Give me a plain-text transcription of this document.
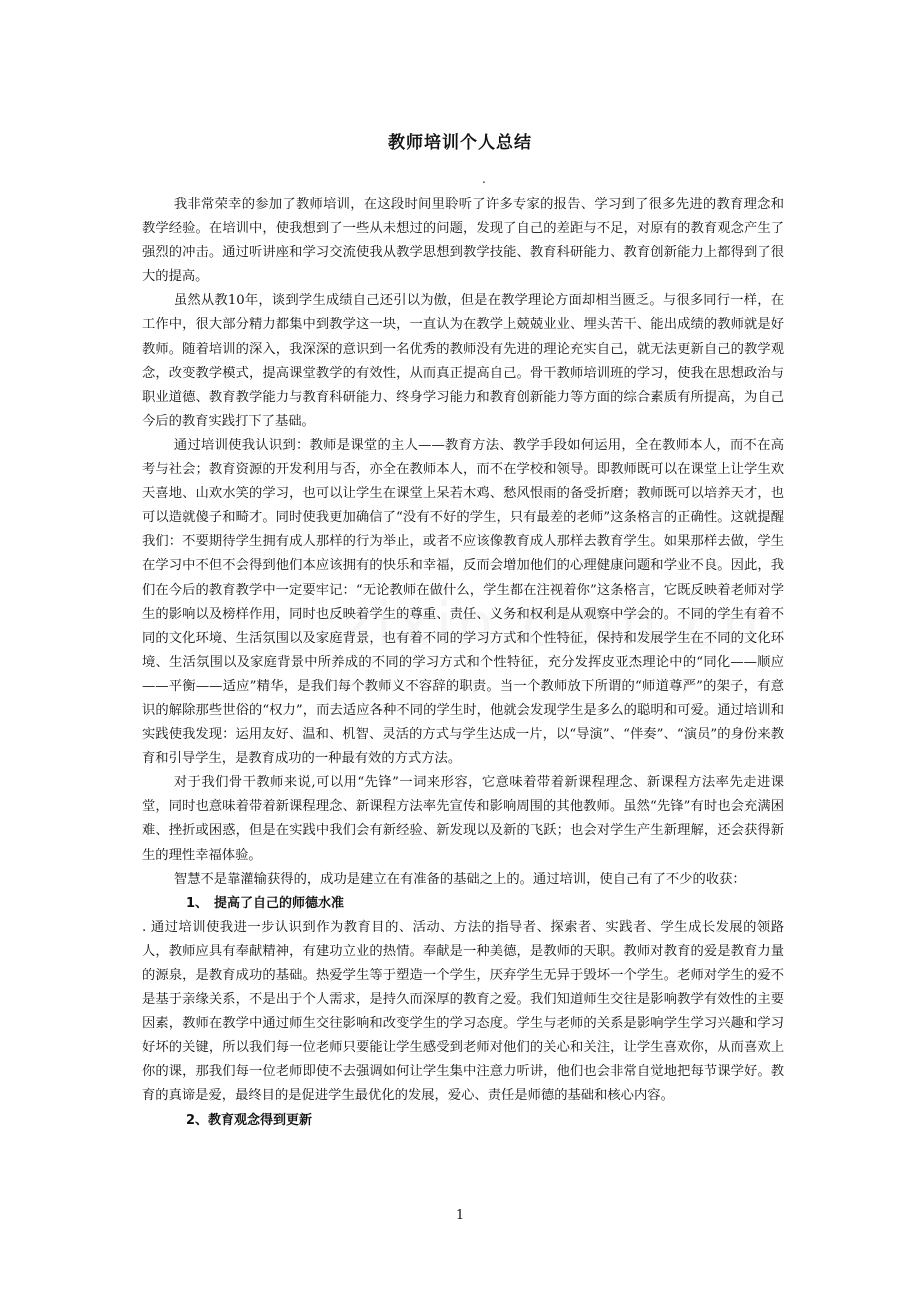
教师培训个人总结
.

我非常荣幸的参加了教师培训，在这段时间里聆听了许多专家的报告、学习到了很多先进的教育理念和教学经验。在培训中，使我想到了一些从未想过的问题，发现了自己的差距与不足，对原有的教育观念产生了强烈的冲击。通过听讲座和学习交流使我从教学思想到教学技能、教育科研能力、教育创新能力上都得到了很大的提高。

虽然从教10年，谈到学生成绩自己还引以为傲，但是在教学理论方面却相当匮乏。与很多同行一样，在工作中，很大部分精力都集中到教学这一块，一直认为在教学上兢兢业业、埋头苦干、能出成绩的教师就是好教师。随着培训的深入，我深深的意识到一名优秀的教师没有先进的理论充实自己，就无法更新自己的教学观念，改变教学模式，提高课堂教学的有效性，从而真正提高自己。骨干教师培训班的学习，使我在思想政治与职业道德、教育教学能力与教育科研能力、终身学习能力和教育创新能力等方面的综合素质有所提高，为自己今后的教育实践打下了基础。

通过培训使我认识到：教师是课堂的主人——教育方法、教学手段如何运用，全在教师本人，而不在高考与社会；教育资源的开发利用与否，亦全在教师本人，而不在学校和领导。即教师既可以在课堂上让学生欢天喜地、山欢水笑的学习，也可以让学生在课堂上呆若木鸡、愁风恨雨的备受折磨；教师既可以培养天才，也可以造就傻子和畸才。同时使我更加确信了“没有不好的学生，只有最差的老师”这条格言的正确性。这就提醒我们：不要期待学生拥有成人那样的行为举止，或者不应该像教育成人那样去教育学生。如果那样去做，学生在学习中不但不会得到他们本应该拥有的快乐和幸福，反而会增加他们的心理健康问题和学业不良。因此，我们在今后的教育教学中一定要牢记：“无论教师在做什么，学生都在注视着你”这条格言，它既反映着老师对学生的影响以及榜样作用，同时也反映着学生的尊重、责任、义务和权利是从观察中学会的。不同的学生有着不同的文化环境、生活氛围以及家庭背景，也有着不同的学习方式和个性特征，保持和发展学生在不同的文化环境、生活氛围以及家庭背景中所养成的不同的学习方式和个性特征，充分发挥皮亚杰理论中的“同化——顺应——平衡——适应”精华，是我们每个教师义不容辞的职责。当一个教师放下所谓的“师道尊严”的架子，有意识的解除那些世俗的“权力”，而去适应各种不同的学生时，他就会发现学生是多么的聪明和可爱。通过培训和实践使我发现：运用友好、温和、机智、灵活的方式与学生达成一片，以“导演”、“伴奏”、“演员”的身份来教育和引导学生，是教育成功的一种最有效的方式方法。

对于我们骨干教师来说,可以用“先锋”一词来形容，它意味着带着新课程理念、新课程方法率先走进课堂，同时也意味着带着新课程理念、新课程方法率先宣传和影响周围的其他教师。虽然“先锋”有时也会充满困难、挫折或困惑，但是在实践中我们会有新经验、新发现以及新的飞跃；也会对学生产生新理解，还会获得新生的理性幸福体验。

智慧不是靠灌输获得的，成功是建立在有准备的基础之上的。通过培训，使自己有了不少的收获：

1、 提高了自己的师德水准

. 通过培训使我进一步认识到作为教育目的、活动、方法的指导者、探索者、实践者、学生成长发展的领路人，教师应具有奉献精神，有建功立业的热情。奉献是一种美德，是教师的天职。教师对教育的爱是教育力量的源泉，是教育成功的基础。热爱学生等于塑造一个学生，厌弃学生无异于毁坏一个学生。老师对学生的爱不是基于亲缘关系，不是出于个人需求，是持久而深厚的教育之爱。我们知道师生交往是影响教学有效性的主要因素，教师在教学中通过师生交往影响和改变学生的学习态度。学生与老师的关系是影响学生学习兴趣和学习好坏的关键，所以我们每一位老师只要能让学生感受到老师对他们的关心和关注，让学生喜欢你，从而喜欢上你的课，那我们每一位老师即使不去强调如何让学生集中注意力听讲，他们也会非常自觉地把每节课学好。教育的真谛是爱，最终目的是促进学生最优化的发展，爱心、责任是师德的基础和核心内容。

2、教育观念得到更新

1
